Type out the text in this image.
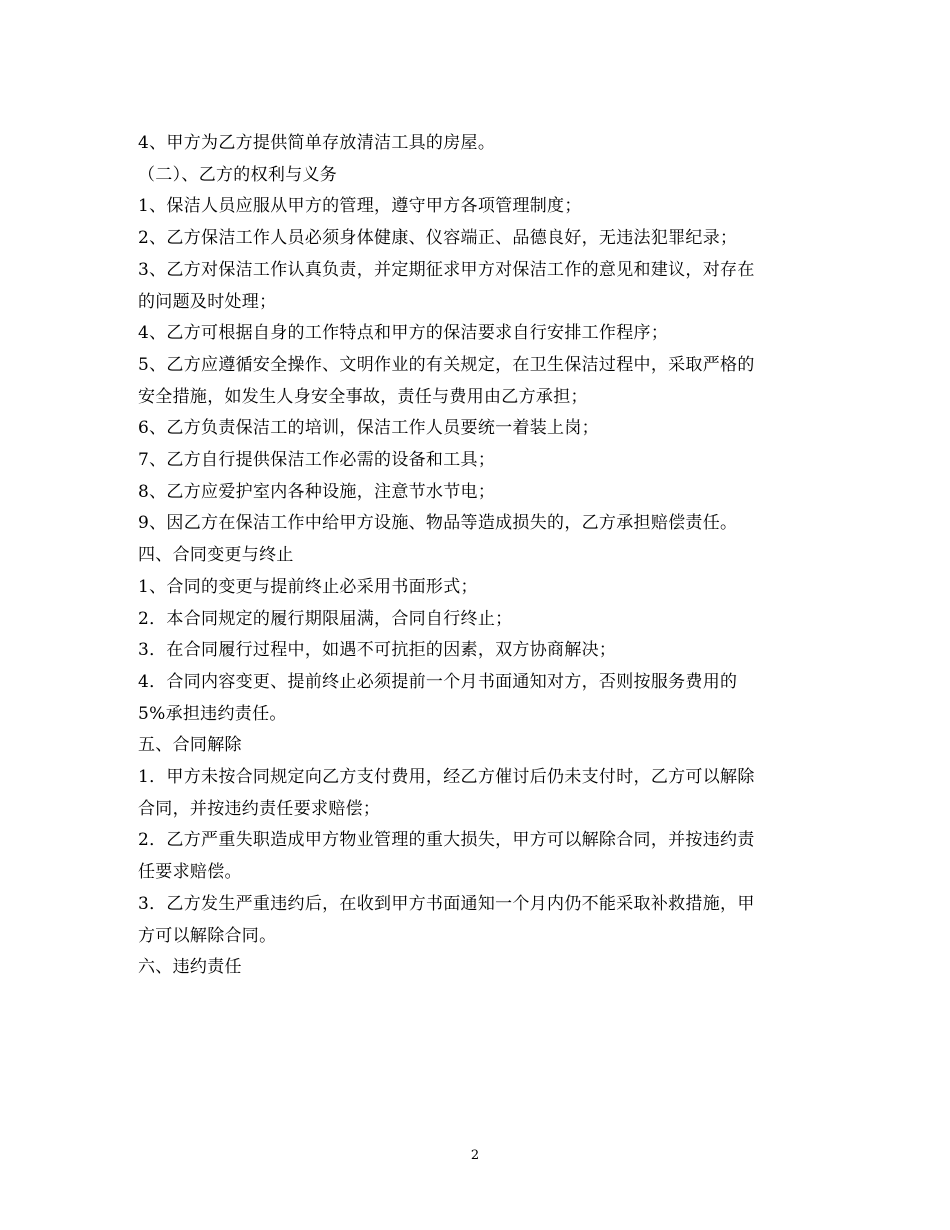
4、甲方为乙方提供简单存放清洁工具的房屋。
（二）、乙方的权利与义务
1、保洁人员应服从甲方的管理，遵守甲方各项管理制度；
2、乙方保洁工作人员必须身体健康、仪容端正、品德良好，无违法犯罪纪录；
3、乙方对保洁工作认真负责，并定期征求甲方对保洁工作的意见和建议，对存在
的问题及时处理；
4、乙方可根据自身的工作特点和甲方的保洁要求自行安排工作程序；
5、乙方应遵循安全操作、文明作业的有关规定，在卫生保洁过程中，采取严格的
安全措施，如发生人身安全事故，责任与费用由乙方承担；
6、乙方负责保洁工的培训，保洁工作人员要统一着装上岗；
7、乙方自行提供保洁工作必需的设备和工具；
8、乙方应爱护室内各种设施，注意节水节电；
9、因乙方在保洁工作中给甲方设施、物品等造成损失的，乙方承担赔偿责任。
四、合同变更与终止
1、合同的变更与提前终止必采用书面形式；
2．本合同规定的履行期限届满，合同自行终止；
3．在合同履行过程中，如遇不可抗拒的因素，双方协商解决；
4．合同内容变更、提前终止必须提前一个月书面通知对方，否则按服务费用的
5%承担违约责任。
五、合同解除
1．甲方未按合同规定向乙方支付费用，经乙方催讨后仍未支付时，乙方可以解除
合同，并按违约责任要求赔偿；
2．乙方严重失职造成甲方物业管理的重大损失，甲方可以解除合同，并按违约责
任要求赔偿。
3．乙方发生严重违约后，在收到甲方书面通知一个月内仍不能采取补救措施，甲
方可以解除合同。
六、违约责任
2
